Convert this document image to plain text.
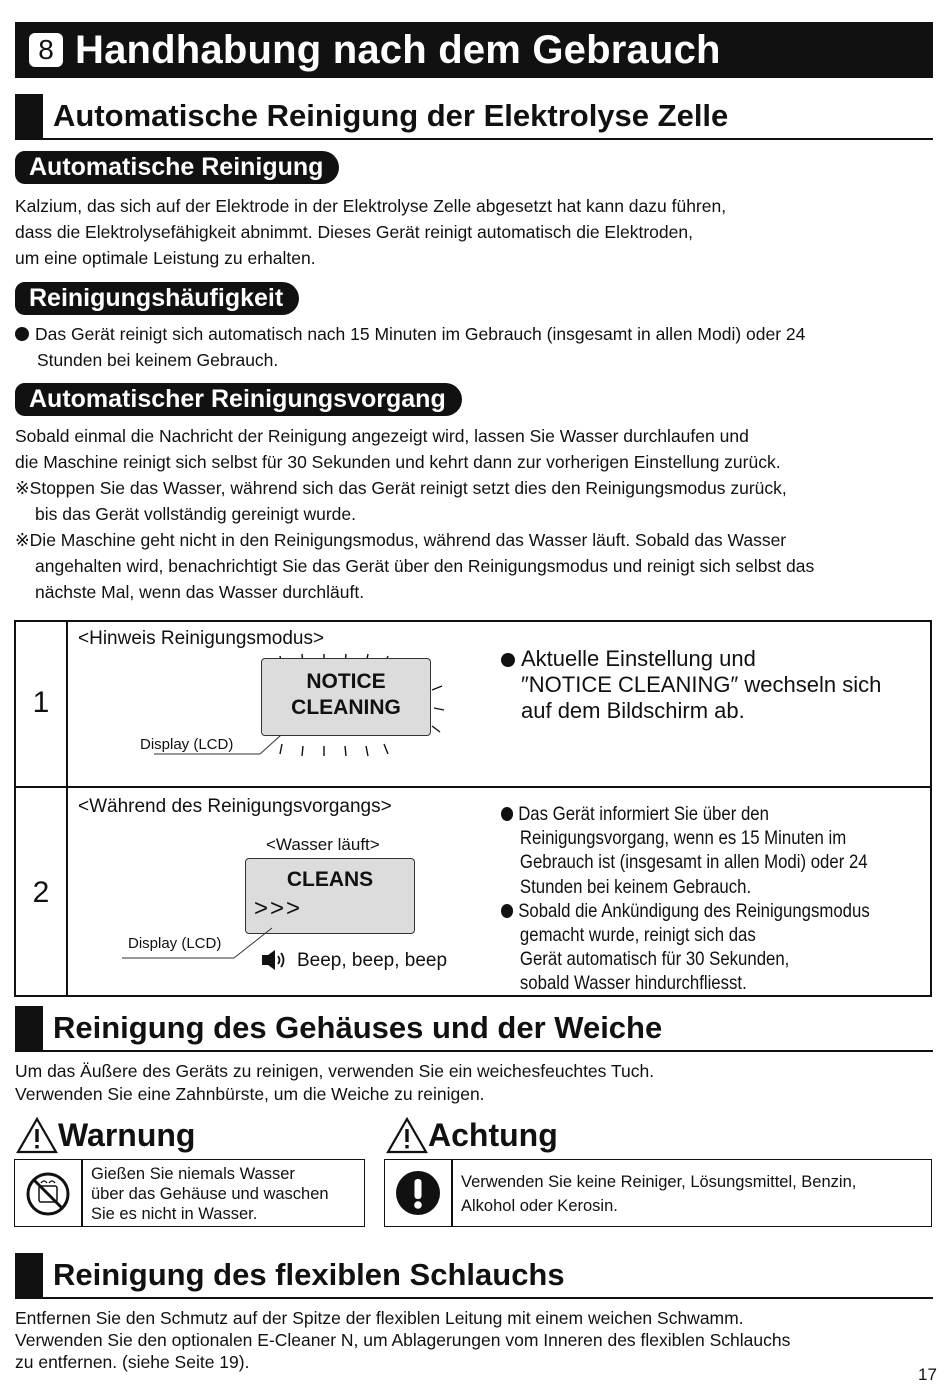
8 Handhabung nach dem Gebrauch
Automatische Reinigung der Elektrolyse Zelle
Automatische Reinigung
Kalzium, das sich auf der Elektrode in der Elektrolyse Zelle abgesetzt hat kann dazu führen,
dass die Elektrolysefähigkeit abnimmt. Dieses Gerät reinigt automatisch die Elektroden,
um eine optimale Leistung zu erhalten.
Reinigungshäufigkeit
Das Gerät reinigt sich automatisch nach 15 Minuten im Gebrauch (insgesamt in allen Modi) oder 24
Stunden bei keinem Gebrauch.
Automatischer Reinigungsvorgang
Sobald einmal die Nachricht der Reinigung angezeigt wird, lassen Sie Wasser durchlaufen und
die Maschine reinigt sich selbst für 30 Sekunden und kehrt dann zur vorherigen Einstellung zurück.
※Stoppen Sie das Wasser, während sich das Gerät reinigt setzt dies den Reinigungsmodus zurück,
bis das Gerät vollständig gereinigt wurde.
※Die Maschine geht nicht in den Reinigungsmodus, während das Wasser läuft. Sobald das Wasser
angehalten wird, benachrichtigt Sie das Gerät über den Reinigungsmodus und reinigt sich selbst das
nächste Mal, wenn das Wasser durchläuft.
1
<Hinweis Reinigungsmodus>
NOTICE
CLEANING
Display (LCD)
Aktuelle Einstellung und
″NOTICE CLEANING″ wechseln sich
auf dem Bildschirm ab.
2
<Während des Reinigungsvorgangs>
<Wasser läuft>
CLEANS
>>>
Display (LCD)
Beep, beep, beep
Das Gerät informiert Sie über den
Reinigungsvorgang, wenn es 15 Minuten im
Gebrauch ist (insgesamt in allen Modi) oder 24
Stunden bei keinem Gebrauch.
Sobald die Ankündigung des Reinigungsmodus
gemacht wurde, reinigt sich das
Gerät automatisch für 30 Sekunden,
sobald Wasser hindurchfliesst.
Reinigung des Gehäuses und der Weiche
Um das Äußere des Geräts zu reinigen, verwenden Sie ein weichesfeuchtes Tuch.
Verwenden Sie eine Zahnbürste, um die Weiche zu reinigen.
Warnung
Gießen Sie niemals Wasser
über das Gehäuse und waschen
Sie es nicht in Wasser.
Achtung
Verwenden Sie keine Reiniger, Lösungsmittel, Benzin,
Alkohol oder Kerosin.
Reinigung des flexiblen Schlauchs
Entfernen Sie den Schmutz auf der Spitze der flexiblen Leitung mit einem weichen Schwamm.
Verwenden Sie den optionalen E-Cleaner N, um Ablagerungen vom Inneren des flexiblen Schlauchs
zu entfernen. (siehe Seite 19).
17
